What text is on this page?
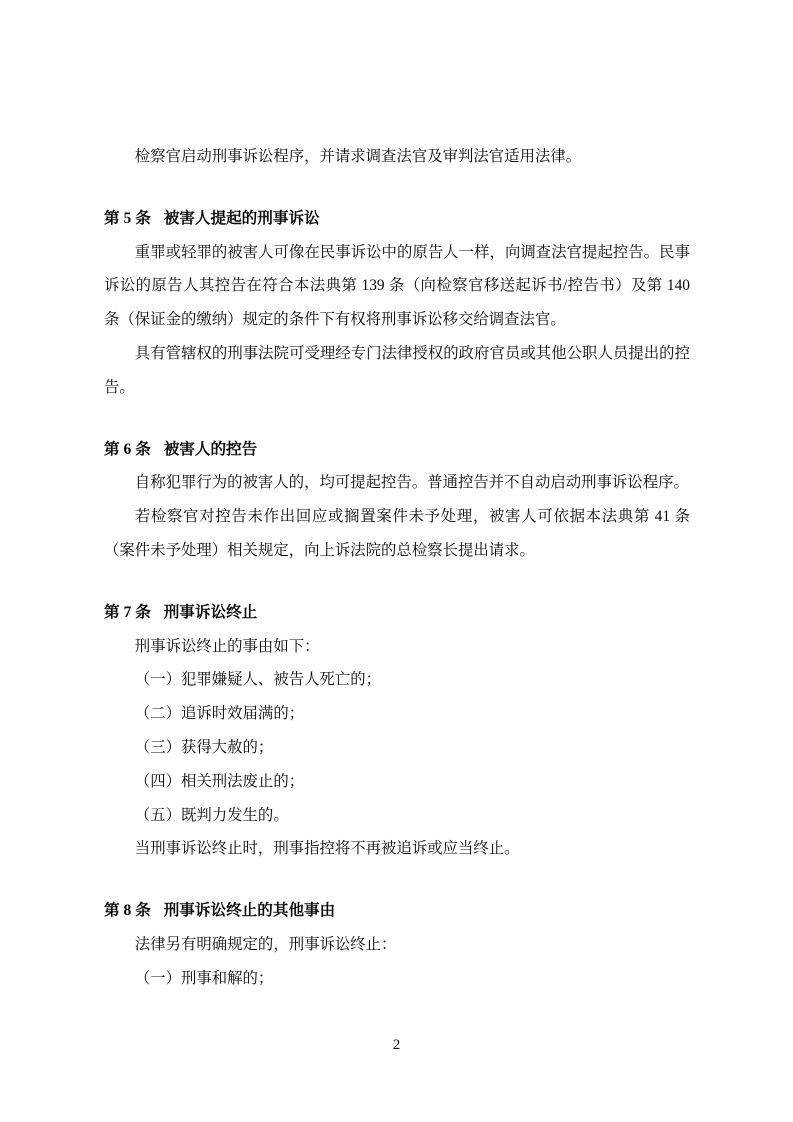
检察官启动刑事诉讼程序，并请求调查法官及审判法官适用法律。

第 5 条 被害人提起的刑事诉讼

重罪或轻罪的被害人可像在民事诉讼中的原告人一样，向调查法官提起控告。民事诉讼的原告人其控告在符合本法典第 139 条（向检察官移送起诉书/控告书）及第 140 条（保证金的缴纳）规定的条件下有权将刑事诉讼移交给调查法官。

具有管辖权的刑事法院可受理经专门法律授权的政府官员或其他公职人员提出的控告。

第 6 条 被害人的控告

自称犯罪行为的被害人的，均可提起控告。普通控告并不自动启动刑事诉讼程序。

若检察官对控告未作出回应或搁置案件未予处理，被害人可依据本法典第 41 条（案件未予处理）相关规定，向上诉法院的总检察长提出请求。

第 7 条 刑事诉讼终止

刑事诉讼终止的事由如下：

（一）犯罪嫌疑人、被告人死亡的；

（二）追诉时效届满的；

（三）获得大赦的；

（四）相关刑法废止的；

（五）既判力发生的。

当刑事诉讼终止时，刑事指控将不再被追诉或应当终止。

第 8 条 刑事诉讼终止的其他事由

法律另有明确规定的，刑事诉讼终止：

（一）刑事和解的；

2
